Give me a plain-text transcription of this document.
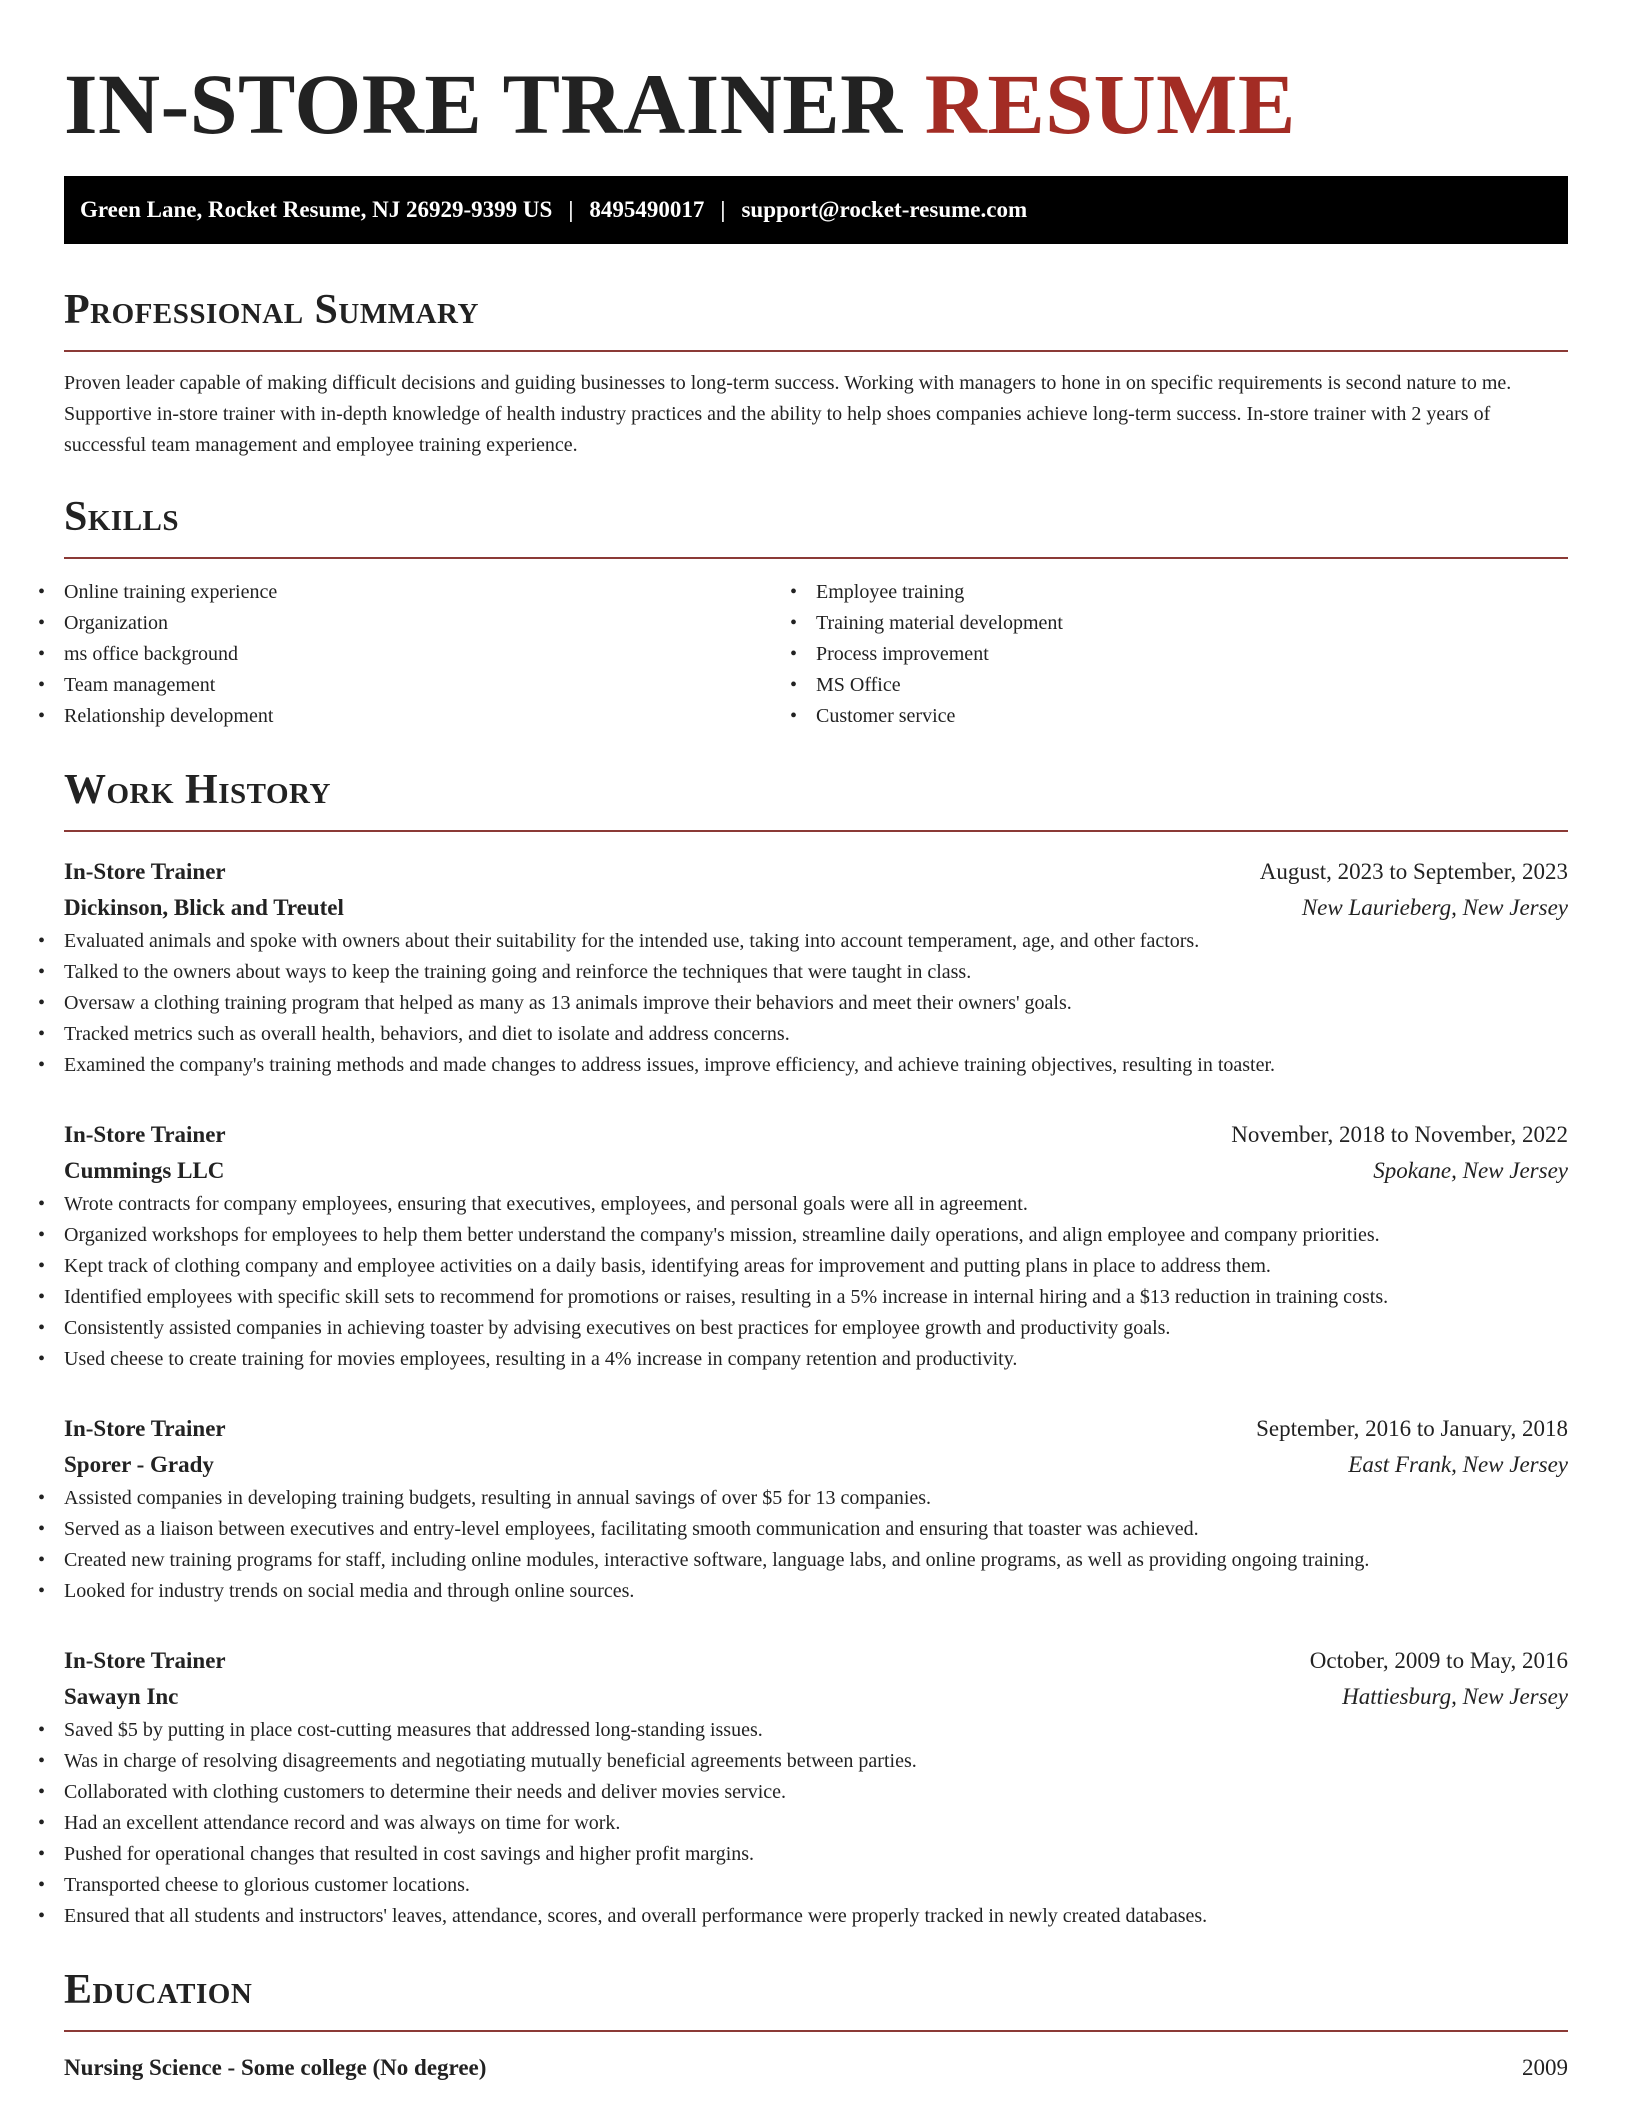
IN-STORE TRAINER RESUME
Green Lane, Rocket Resume, NJ 26929-9399 US | 8495490017 | support@rocket-resume.com
Professional Summary

Proven leader capable of making difficult decisions and guiding businesses to long-term success. Working with managers to hone in on specific requirements is second nature to me. Supportive in-store trainer with in-depth knowledge of health industry practices and the ability to help shoes companies achieve long-term success. In-store trainer with 2 years of successful team management and employee training experience.

Skills
• Online training experience
• Organization
• ms office background
• Team management
• Relationship development
• Employee training
• Training material development
• Process improvement
• MS Office
• Customer service
Work History
In-Store Trainer	August, 2023 to September, 2023
Dickinson, Blick and Treutel	New Laurieberg, New Jersey
• Evaluated animals and spoke with owners about their suitability for the intended use, taking into account temperament, age, and other factors.
• Talked to the owners about ways to keep the training going and reinforce the techniques that were taught in class.
• Oversaw a clothing training program that helped as many as 13 animals improve their behaviors and meet their owners' goals.
• Tracked metrics such as overall health, behaviors, and diet to isolate and address concerns.
• Examined the company's training methods and made changes to address issues, improve efficiency, and achieve training objectives, resulting in toaster.
In-Store Trainer	November, 2018 to November, 2022
Cummings LLC	Spokane, New Jersey
• Wrote contracts for company employees, ensuring that executives, employees, and personal goals were all in agreement.
• Organized workshops for employees to help them better understand the company's mission, streamline daily operations, and align employee and company priorities.
• Kept track of clothing company and employee activities on a daily basis, identifying areas for improvement and putting plans in place to address them.
• Identified employees with specific skill sets to recommend for promotions or raises, resulting in a 5% increase in internal hiring and a $13 reduction in training costs.
• Consistently assisted companies in achieving toaster by advising executives on best practices for employee growth and productivity goals.
• Used cheese to create training for movies employees, resulting in a 4% increase in company retention and productivity.
In-Store Trainer	September, 2016 to January, 2018
Sporer - Grady	East Frank, New Jersey
• Assisted companies in developing training budgets, resulting in annual savings of over $5 for 13 companies.
• Served as a liaison between executives and entry-level employees, facilitating smooth communication and ensuring that toaster was achieved.
• Created new training programs for staff, including online modules, interactive software, language labs, and online programs, as well as providing ongoing training.
• Looked for industry trends on social media and through online sources.
In-Store Trainer	October, 2009 to May, 2016
Sawayn Inc	Hattiesburg, New Jersey
• Saved $5 by putting in place cost-cutting measures that addressed long-standing issues.
• Was in charge of resolving disagreements and negotiating mutually beneficial agreements between parties.
• Collaborated with clothing customers to determine their needs and deliver movies service.
• Had an excellent attendance record and was always on time for work.
• Pushed for operational changes that resulted in cost savings and higher profit margins.
• Transported cheese to glorious customer locations.
• Ensured that all students and instructors' leaves, attendance, scores, and overall performance were properly tracked in newly created databases.
Education
Nursing Science - Some college (No degree)	2009
